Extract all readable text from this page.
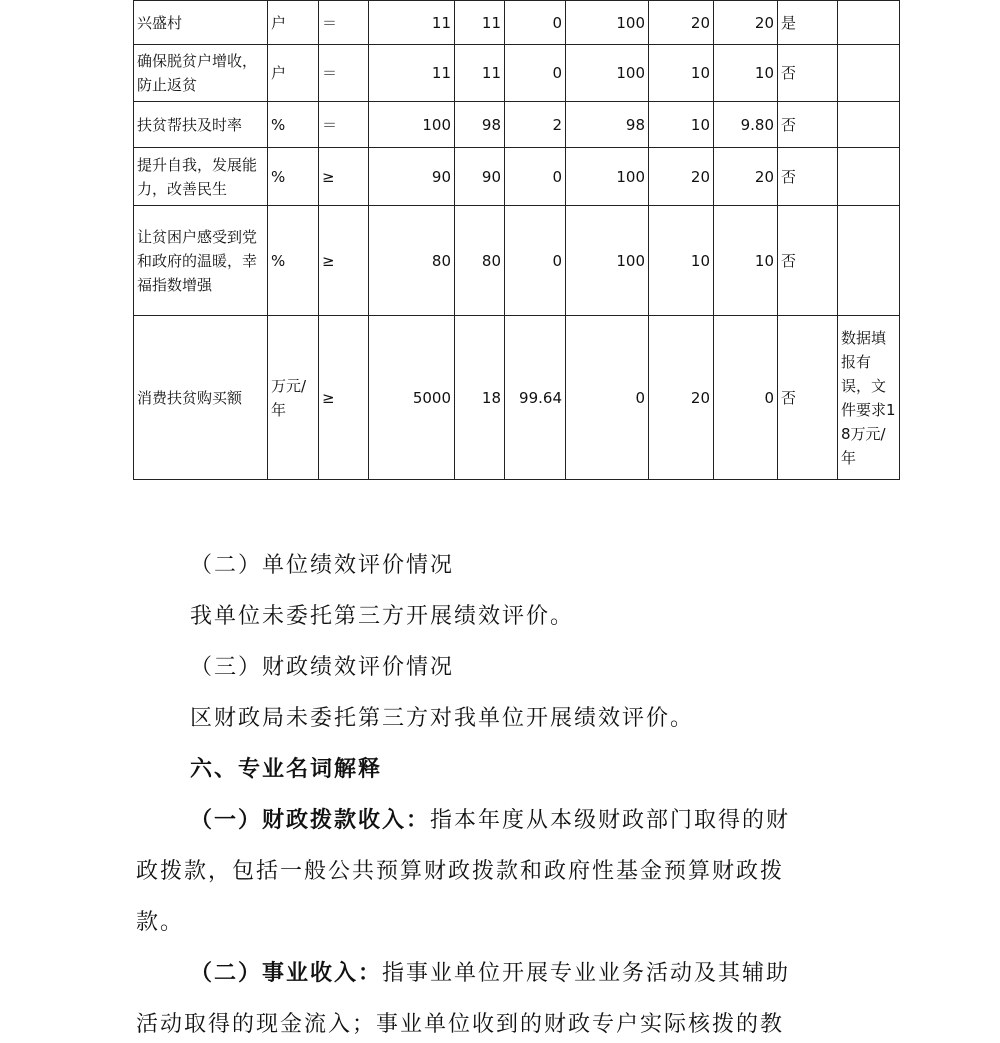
兴盛村	户	＝	11	11	0	100	20	20	是	
确保脱贫户增收，防止返贫	户	＝	11	11	0	100	10	10	否	
扶贫帮扶及时率	%	＝	100	98	2	98	10	9.80	否	
提升自我，发展能力，改善民生	%	≥	90	90	0	100	20	20	否	
让贫困户感受到党和政府的温暖，幸福指数增强	%	≥	80	80	0	100	10	10	否	
消费扶贫购买额	万元/年	≥	5000	18	99.64	0	20	0	否	数据填报有误，文件要求18万元/年
（二）单位绩效评价情况
我单位未委托第三方开展绩效评价。
（三）财政绩效评价情况
区财政局未委托第三方对我单位开展绩效评价。
六、专业名词解释
（一）财政拨款收入：指本年度从本级财政部门取得的财
政拨款，包括一般公共预算财政拨款和政府性基金预算财政拨
款。
（二）事业收入：指事业单位开展专业业务活动及其辅助
活动取得的现金流入；事业单位收到的财政专户实际核拨的教
